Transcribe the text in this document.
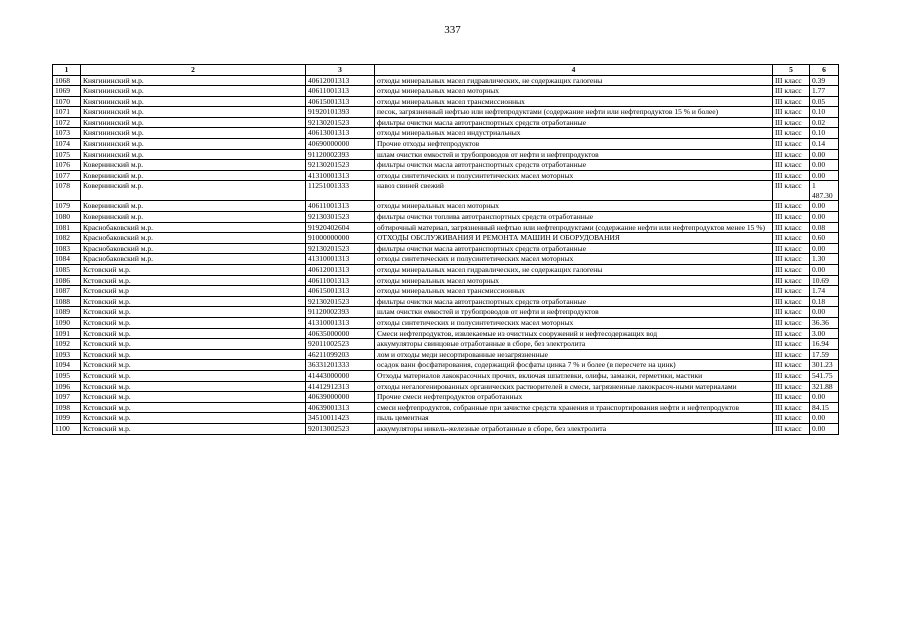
337
1	2	3	4	5	6
1068	Княгининский м.р.	40612001313	отходы минеральных масел гидравлических, не содержащих галогены	III класс	0.39
1069	Княгининский м.р.	40611001313	отходы минеральных масел моторных	III класс	1.77
1070	Княгининский м.р.	40615001313	отходы минеральных масел трансмиссионных	III класс	0.05
1071	Княгининский м.р.	91920101393	песок, загрязненный нефтью или нефтепродуктами (содержание нефти или нефтепродуктов 15 % и более)	III класс	0.10
1072	Княгининский м.р.	92130201523	фильтры очистки масла автотранспортных средств отработанные	III класс	0.02
1073	Княгининский м.р.	40613001313	отходы минеральных масел индустриальных	III класс	0.10
1074	Княгининский м.р.	40690000000	Прочие отходы нефтепродуктов	III класс	0.14
1075	Княгининский м.р.	91120002393	шлам очистки емкостей и трубопроводов от нефти и нефтепродуктов	III класс	0.00
1076	Ковернинский м.р.	92130201523	фильтры очистки масла автотранспортных средств отработанные	III класс	0.00
1077	Ковернинский м.р.	41310001313	отходы синтетических и полусинтетических масел моторных	III класс	0.00
1078	Ковернинский м.р.	11251001333	навоз свиней свежий	III класс	1 487.30
1079	Ковернинский м.р.	40611001313	отходы минеральных масел моторных	III класс	0.00
1080	Ковернинский м.р.	92130301523	фильтры очистки топлива автотранспортных средств отработанные	III класс	0.00
1081	Краснобаковский м.р.	91920402604	обтирочный материал, загрязненный нефтью или нефтепродуктами (содержание нефти или нефтепродуктов менее 15 %)	III класс	0.08
1082	Краснобаковский м.р.	91000000000	ОТХОДЫ ОБСЛУЖИВАНИЯ И РЕМОНТА МАШИН И ОБОРУДОВАНИЯ	III класс	0.60
1083	Краснобаковский м.р.	92130201523	фильтры очистки масла автотранспортных средств отработанные	III класс	0.00
1084	Краснобаковский м.р.	41310001313	отходы синтетических и полусинтетических масел моторных	III класс	1.30
1085	Кстовский м.р.	40612001313	отходы минеральных масел гидравлических, не содержащих галогены	III класс	0.00
1086	Кстовский м.р.	40611001313	отходы минеральных масел моторных	III класс	10.69
1087	Кстовский м.р	40615001313	отходы минеральных масел трансмиссионных	III класс	1.74
1088	Кстовский м.р.	92130201523	фильтры очистки масла автотранспортных средств отработанные	III класс	0.18
1089	Кстовский м.р.	91120002393	шлам очистки емкостей и трубопроводов от нефти и нефтепродуктов	III класс	0.00
1090	Кстовский м.р.	41310001313	отходы синтетических и полусинтетических масел моторных	III класс	36.36
1091	Кстовский м.р.	40635000000	Смеси нефтепродуктов, извлекаемые из очистных сооружений и нефтесодержащих вод	III класс	3.00
1092	Кстовский м.р.	92011002523	аккумуляторы свинцовые отработанные в сборе, без электролита	III класс	16.94
1093	Кстовский м.р.	46211099203	лом и отходы меди несортированные незагрязненные	III класс	17.59
1094	Кстовский м.р.	36331201333	осадок ванн фосфатирования, содержащий фосфаты цинка 7 % и более (в пересчете на цинк)	III класс	301.23
1095	Кстовский м.р.	41443000000	Отходы материалов лакокрасочных прочих, включая шпатлевки, олифы, замазки, герметики, мастики	III класс	541.75
1096	Кстовский м.р.	41412912313	отходы негалогенированных органических растворителей в смеси, загрязненные лакокрасоч-ными материалами	III класс	321.88
1097	Кстовский м.р.	40639000000	Прочие смеси нефтепродуктов отработанных	III класс	0.00
1098	Кстовский м.р.	40639001313	смеси нефтепродуктов, собранные при зачистке средств хранения и транспортирования нефти и нефтепродуктов	III класс	84.15
1099	Кстовский м.р.	34510011423	пыль цементная	III класс	0.00
1100	Кстовский м.р.	92013002523	аккумуляторы никель-железные отработанные в сборе, без электролита	III класс	0.00
